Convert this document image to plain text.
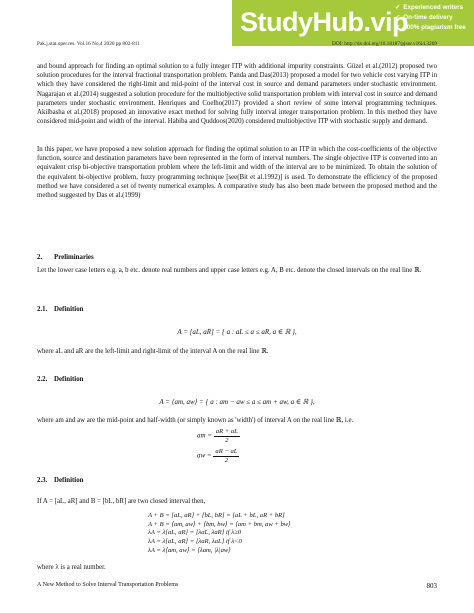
StudyHub.vip
✔ Experienced writers
✔ On-time delivery
✔ 100% plagiarism free
Pak.j.stat.oper.res. Vol.16 No.4 2020 pp 802-811	DOI: http://dx.doi.org/10.18187/pjsor.v16i4.3269

and bound approach for finding an optimal solution to a fully integer ITP with additional impurity constraints. Güzel et al.(2012) proposed two solution procedures for the interval fractional transportation problem. Panda and Das(2013) proposed a model for two vehicle cost varying ITP in which they have considered the right-limit and mid-point of the interval cost in source and demand parameters under stochastic environment. Nagarajan et al.(2014) suggested a solution procedure for the multiobjective solid transportation problem with interval cost in source and demand parameters under stochastic environment. Henriques and Coelho(2017) provided a short review of some interval programming techniques. Akilbasha et al.(2018) proposed an innovative exact method for solving fully interval integer transportation problem. In this method they have considered mid-point and width of the interval. Habiba and Quddoos(2020) considered multiobjective ITP with stochastic supply and demand.

In this paper, we have proposed a new solution approach for finding the optimal solution to an ITP in which the cost-coefficients of the objective function, source and destination parameters have been represented in the form of interval numbers. The single objective ITP is converted into an equivalent crisp bi-objective transportation problem where the left-limit and width of the interval are to be minimized. To obtain the solution of the equivalent bi-objective problem, fuzzy programming technique [see(Bit et al.1992)] is used. To demonstrate the efficiency of the proposed method we have considered a set of twenty numerical examples. A comparative study has also been made between the proposed method and the method suggested by Das et al.(1999)

2. Preliminaries

Let the lower case letters e.g. a, b etc. denote real numbers and upper case letters e.g. A, B etc. denote the closed intervals on the real line ℝ.

2.1. Definition
A = [aL, aR] = { a : aL ≤ a ≤ aR, a ∈ ℝ },

where aL and aR are the left-limit and right-limit of the interval A on the real line ℝ.

2.2. Definition
A = ⟨am, aw⟩ = { a : am − aw ≤ a ≤ am + aw, a ∈ ℝ },

where am and aw are the mid-point and half-width (or simply known as 'width') of interval A on the real line ℝ, i.e.

am = $\frac{aR + aL}{2}$
aw = $\frac{aR - aL}{2}$
2.3. Definition

If A = [aL, aR] and B = [bL, bR] are two closed interval then,

A + B = [aL, aR] + [bL, bR] = [aL + bL, aR + bR]
A + B = ⟨am, aw⟩ + ⟨bm, bw⟩ = ⟨am + bm, aw + bw⟩
λA = λ[aL, aR] = [λaL, λaR] if λ≥0
λA = λ[aL, aR] = [λaR, λaL] if λ<0
λA = λ⟨am, aw⟩ = ⟨λam, |λ|aw⟩

where λ is a real number.

A New Method to Solve Interval Transportation Problems	803
